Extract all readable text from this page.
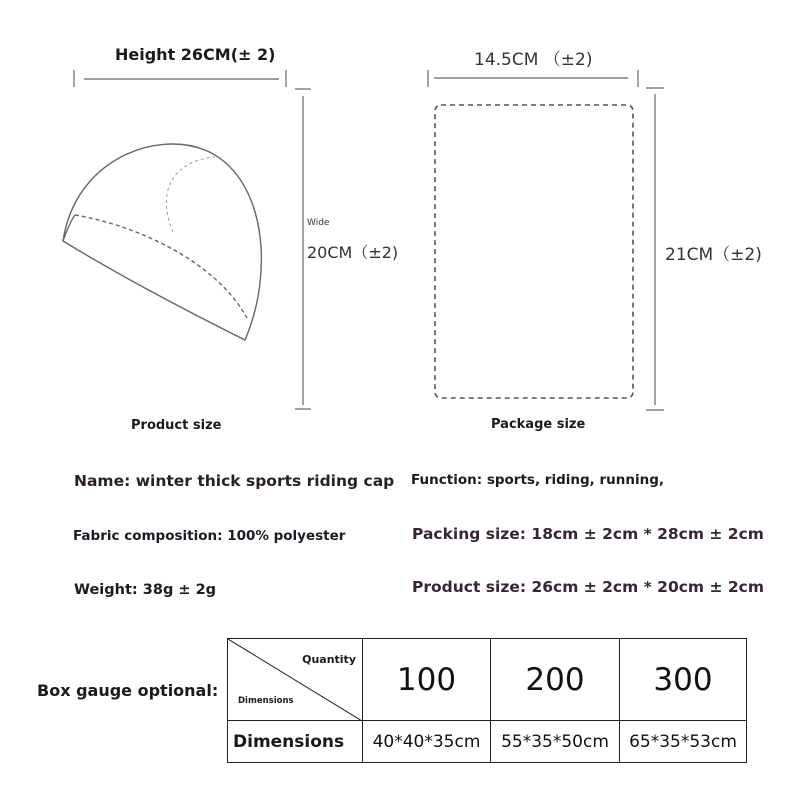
Height 26CM(± 2)
Wide
20CM（±2)
Product size
14.5CM （±2)
21CM（±2)
Package size
Name: winter thick sports riding cap Function: sports, riding, running,
Fabric composition: 100% polyester	Packing size: 18cm ± 2cm * 28cm ± 2cm
Weight: 38g ± 2g	Product size: 26cm ± 2cm * 20cm ± 2cm
Box gauge optional:
Quantity
Dimensions	100	200	300
Dimensions	40*40*35cm	55*35*50cm	65*35*53cm
